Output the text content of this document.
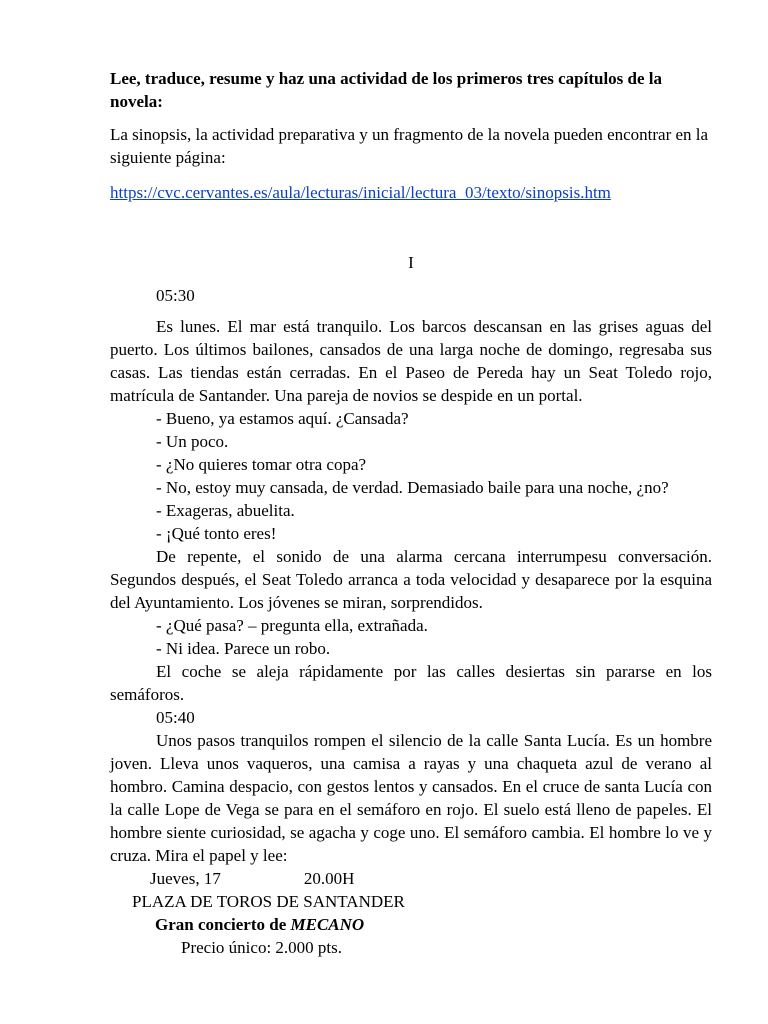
Lee, traduce, resume y haz una actividad de los primeros tres capítulos de la novela:

La sinopsis, la actividad preparativa y un fragmento de la novela pueden encontrar en la siguiente página:

https://cvc.cervantes.es/aula/lecturas/inicial/lectura_03/texto/sinopsis.htm
I

05:30

Es lunes. El mar está tranquilo. Los barcos descansan en las grises aguas del puerto. Los últimos bailones, cansados de una larga noche de domingo, regresaba sus casas. Las tiendas están cerradas. En el Paseo de Pereda hay un Seat Toledo rojo, matrícula de Santander. Una pareja de novios se despide en un portal.

- Bueno, ya estamos aquí. ¿Cansada?

- Un poco.

- ¿No quieres tomar otra copa?

- No, estoy muy cansada, de verdad. Demasiado baile para una noche, ¿no?

- Exageras, abuelita.

- ¡Qué tonto eres!

De repente, el sonido de una alarma cercana interrumpesu conversación. Segundos después, el Seat Toledo arranca a toda velocidad y desaparece por la esquina del Ayuntamiento. Los jóvenes se miran, sorprendidos.

- ¿Qué pasa? – pregunta ella, extrañada.

- Ni idea. Parece un robo.

El coche se aleja rápidamente por las calles desiertas sin pararse en los semáforos.

05:40

Unos pasos tranquilos rompen el silencio de la calle Santa Lucía. Es un hombre joven. Lleva unos vaqueros, una camisa a rayas y una chaqueta azul de verano al hombro. Camina despacio, con gestos lentos y cansados. En el cruce de santa Lucía con la calle Lope de Vega se para en el semáforo en rojo. El suelo está lleno de papeles. El hombre siente curiosidad, se agacha y coge uno. El semáforo cambia. El hombre lo ve y cruza. Mira el papel y lee:

Jueves, 17	20.00H

PLAZA DE TOROS DE SANTANDER

Gran concierto de MECANO

Precio único: 2.000 pts.
